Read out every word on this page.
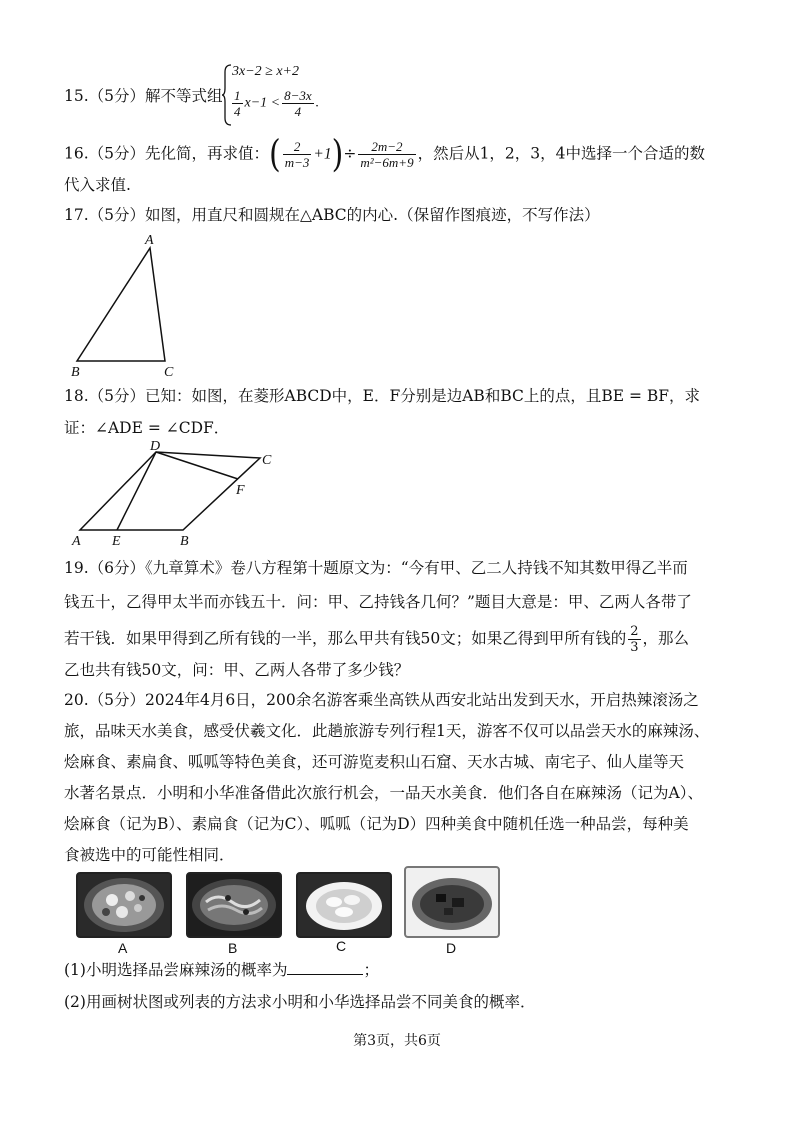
15.（5分）解不等式组
3x−2 ≥ x+2
$\frac{1}{4} x-1 < \frac{8-3x}{4}$ .
16.（5分）先化简，再求值：( $\frac{2}{m-3} +1)\div \frac{2m-2}{\text{m²−6m+9}}$ ，然后从1，2，3，4中选择一个合适的数
代入求值.
17.（5分）如图，用直尺和圆规在△ABC的内心.（保留作图痕迹，不写作法）
A
B	C
18.（5分）已知：如图，在菱形ABCD中，E．F分别是边AB和BC上的点，且BE = BF，求
证：∠ADE = ∠CDF．
D
C
F
A E	B
19.（6分）《九章算术》卷八方程第十题原文为：“今有甲、乙二人持钱不知其数甲得乙半而
钱五十，乙得甲太半而亦钱五十．问：甲、乙持钱各几何？”题目大意是：甲、乙两人各带了
若干钱．如果甲得到乙所有钱的一半，那么甲共有钱50文；如果乙得到甲所有钱的 $\frac{2}{3}$ ，那么
乙也共有钱50文，问：甲、乙两人各带了多少钱？
20.（5分）2024年4月6日，200余名游客乘坐高铁从西安北站出发到天水，开启热辣滚汤之
旅，品味天水美食，感受伏羲文化．此趟旅游专列行程1天，游客不仅可以品尝天水的麻辣汤、
烩麻食、素扁食、呱呱等特色美食，还可游览麦积山石窟、天水古城、南宅子、仙人崖等天
水著名景点．小明和小华准备借此次旅行机会，一品天水美食．他们各自在麻辣汤（记为A）、
烩麻食（记为B）、素扁食（记为C）、呱呱（记为D）四种美食中随机任选一种品尝，每种美
食被选中的可能性相同．
A	B	C	D
(1)小明选择品尝麻辣汤的概率为	；
(2)用画树状图或列表的方法求小明和小华选择品尝不同美食的概率．
第3页，共6页
